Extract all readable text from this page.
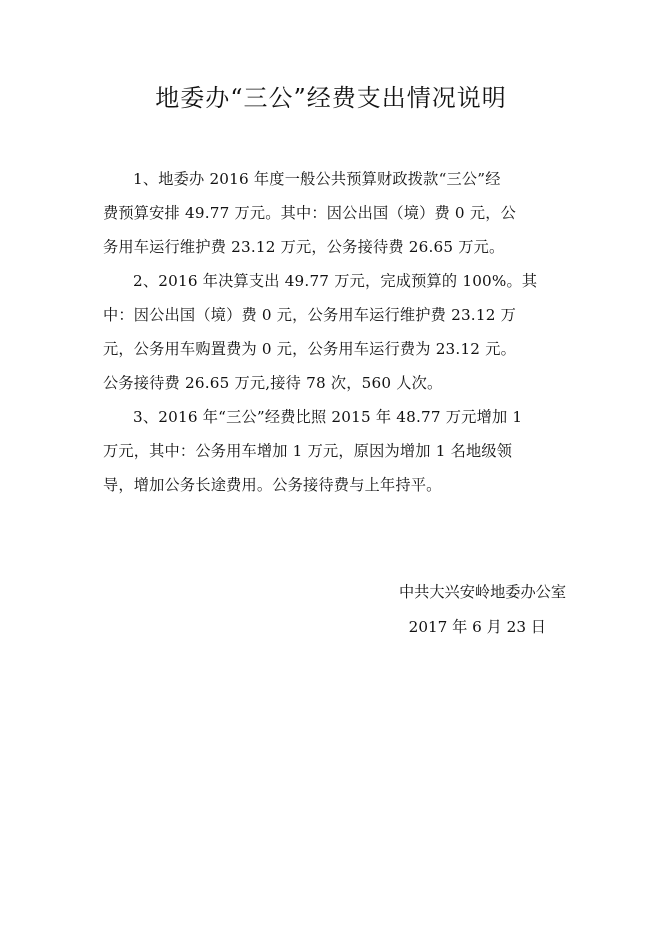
地委办“三公”经费支出情况说明
1、地委办 2016 年度一般公共预算财政拨款“三公”经
费预算安排 49.77 万元。其中：因公出国（境）费 0 元，公
务用车运行维护费 23.12 万元，公务接待费 26.65 万元。
2、2016 年决算支出 49.77 万元，完成预算的 100%。其
中：因公出国（境）费 0 元，公务用车运行维护费 23.12 万
元，公务用车购置费为 0 元，公务用车运行费为 23.12 元。
公务接待费 26.65 万元,接待 78 次，560 人次。
3、2016 年“三公”经费比照 2015 年 48.77 万元增加 1
万元，其中：公务用车增加 1 万元，原因为增加 1 名地级领
导，增加公务长途费用。公务接待费与上年持平。
中共大兴安岭地委办公室
2017 年 6 月 23 日
